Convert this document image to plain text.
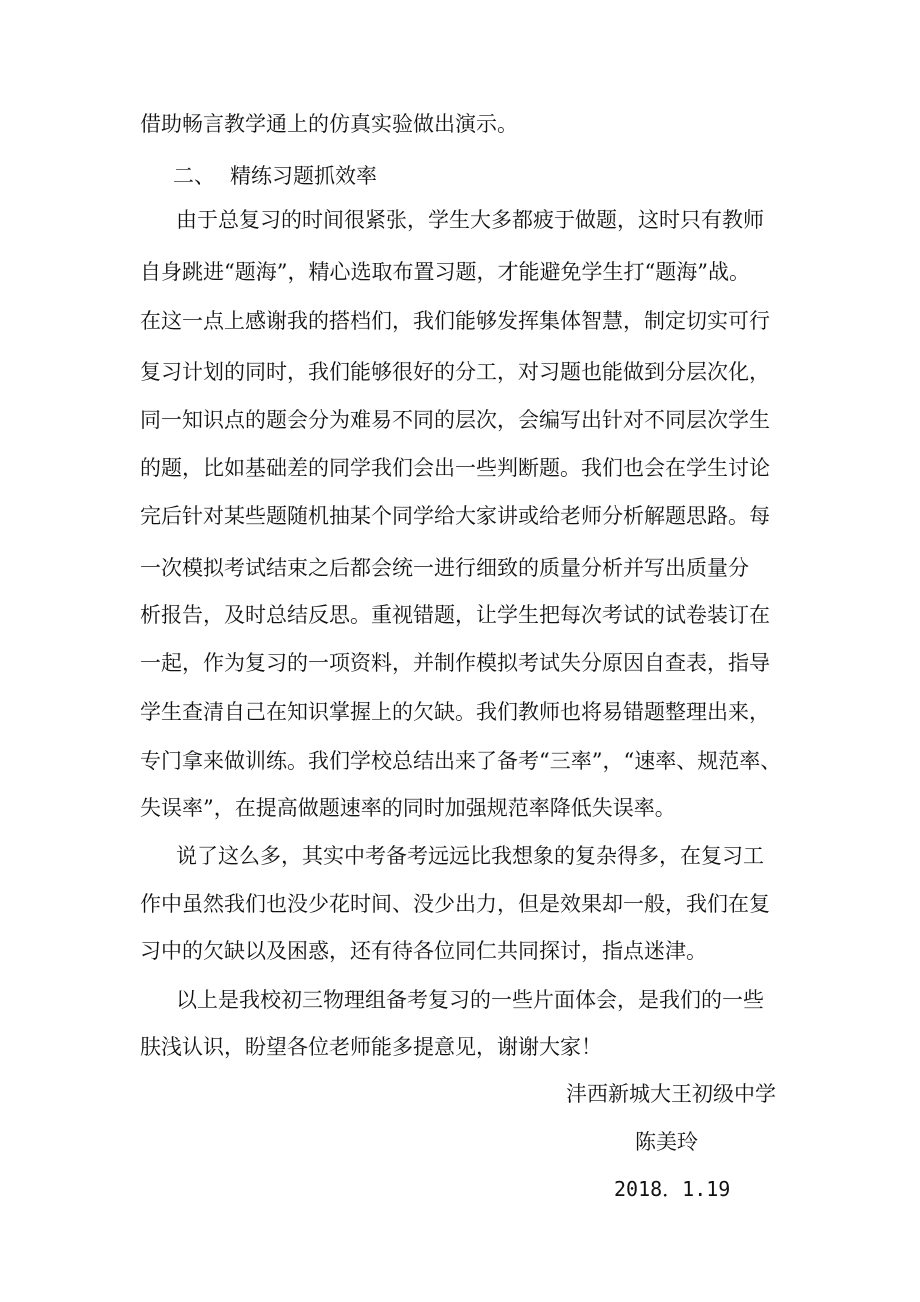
借助畅言教学通上的仿真实验做出演示。
二、 精练习题抓效率
由于总复习的时间很紧张，学生大多都疲于做题，这时只有教师
自身跳进“题海”，精心选取布置习题，才能避免学生打“题海”战。
在这一点上感谢我的搭档们，我们能够发挥集体智慧，制定切实可行
复习计划的同时，我们能够很好的分工，对习题也能做到分层次化，
同一知识点的题会分为难易不同的层次，会编写出针对不同层次学生
的题，比如基础差的同学我们会出一些判断题。我们也会在学生讨论
完后针对某些题随机抽某个同学给大家讲或给老师分析解题思路。每
一次模拟考试结束之后都会统一进行细致的质量分析并写出质量分
析报告，及时总结反思。重视错题，让学生把每次考试的试卷装订在
一起，作为复习的一项资料，并制作模拟考试失分原因自查表，指导
学生查清自己在知识掌握上的欠缺。我们教师也将易错题整理出来，
专门拿来做训练。我们学校总结出来了备考“三率”，“速率、规范率、
失误率”，在提高做题速率的同时加强规范率降低失误率。
说了这么多，其实中考备考远远比我想象的复杂得多，在复习工
作中虽然我们也没少花时间、没少出力，但是效果却一般，我们在复
习中的欠缺以及困惑，还有待各位同仁共同探讨，指点迷津。
以上是我校初三物理组备考复习的一些片面体会，是我们的一些
肤浅认识，盼望各位老师能多提意见，谢谢大家！
沣西新城大王初级中学
陈美玲
2018．1.19
